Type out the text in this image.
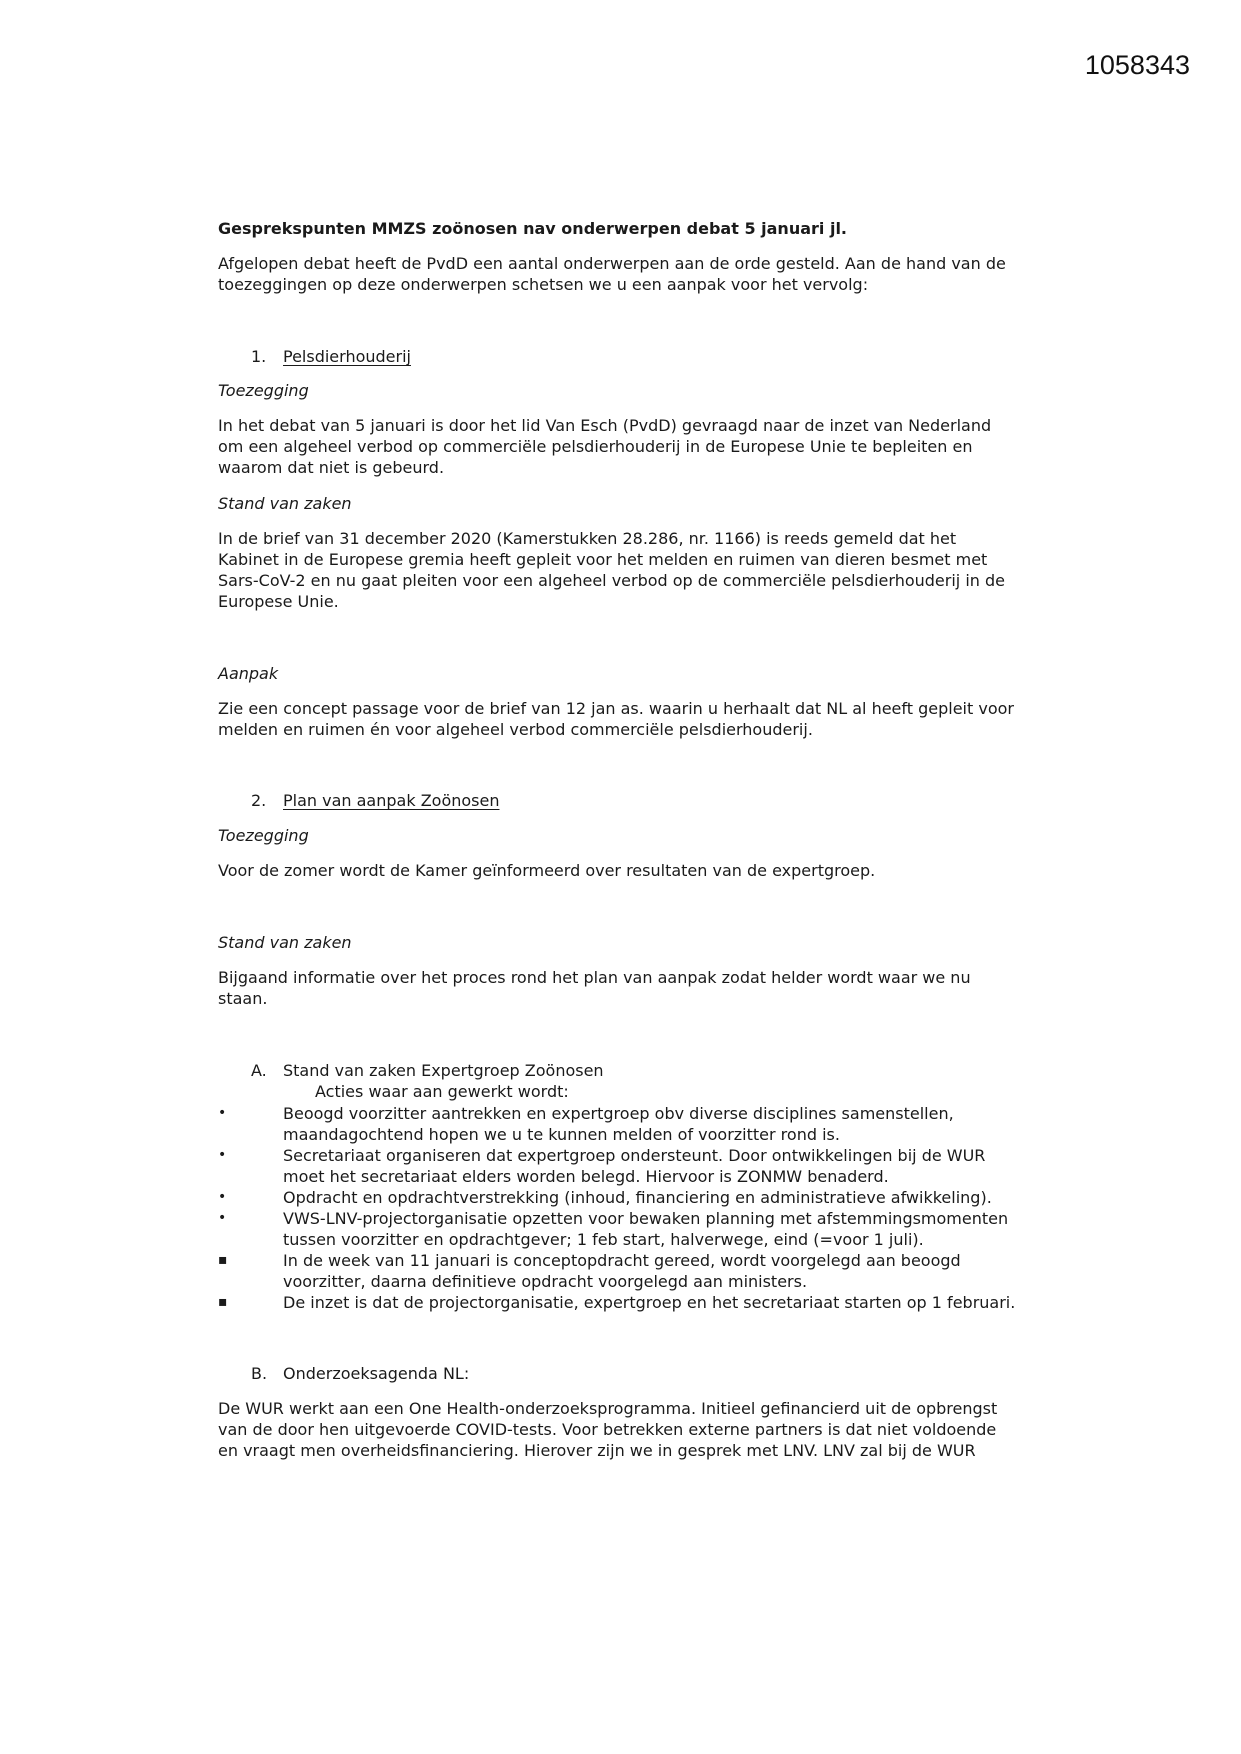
1058343
Gesprekspunten MMZS zoönosen nav onderwerpen debat 5 januari jl.
Afgelopen debat heeft de PvdD een aantal onderwerpen aan de orde gesteld. Aan de hand van de
toezeggingen op deze onderwerpen schetsen we u een aanpak voor het vervolg:
1. Pelsdierhouderij
Toezegging
In het debat van 5 januari is door het lid Van Esch (PvdD) gevraagd naar de inzet van Nederland
om een algeheel verbod op commerciële pelsdierhouderij in de Europese Unie te bepleiten en
waarom dat niet is gebeurd.
Stand van zaken
In de brief van 31 december 2020 (Kamerstukken 28.286, nr. 1166) is reeds gemeld dat het
Kabinet in de Europese gremia heeft gepleit voor het melden en ruimen van dieren besmet met
Sars-CoV-2 en nu gaat pleiten voor een algeheel verbod op de commerciële pelsdierhouderij in de
Europese Unie.
Aanpak
Zie een concept passage voor de brief van 12 jan as. waarin u herhaalt dat NL al heeft gepleit voor
melden en ruimen én voor algeheel verbod commerciële pelsdierhouderij.
2. Plan van aanpak Zoönosen
Toezegging
Voor de zomer wordt de Kamer geïnformeerd over resultaten van de expertgroep.
Stand van zaken
Bijgaand informatie over het proces rond het plan van aanpak zodat helder wordt waar we nu
staan.
A. Stand van zaken Expertgroep Zoönosen
Acties waar aan gewerkt wordt:
•	Beoogd voorzitter aantrekken en expertgroep obv diverse disciplines samenstellen,
maandagochtend hopen we u te kunnen melden of voorzitter rond is.
•	Secretariaat organiseren dat expertgroep ondersteunt. Door ontwikkelingen bij de WUR
moet het secretariaat elders worden belegd. Hiervoor is ZONMW benaderd.
•	Opdracht en opdrachtverstrekking (inhoud, financiering en administratieve afwikkeling).
•	VWS-LNV-projectorganisatie opzetten voor bewaken planning met afstemmingsmomenten
tussen voorzitter en opdrachtgever; 1 feb start, halverwege, eind (=voor 1 juli).
▪	In de week van 11 januari is conceptopdracht gereed, wordt voorgelegd aan beoogd
voorzitter, daarna definitieve opdracht voorgelegd aan ministers.
▪	De inzet is dat de projectorganisatie, expertgroep en het secretariaat starten op 1 februari.
B. Onderzoeksagenda NL:
De WUR werkt aan een One Health-onderzoeksprogramma. Initieel gefinancierd uit de opbrengst
van de door hen uitgevoerde COVID-tests. Voor betrekken externe partners is dat niet voldoende
en vraagt men overheidsfinanciering. Hierover zijn we in gesprek met LNV. LNV zal bij de WUR
